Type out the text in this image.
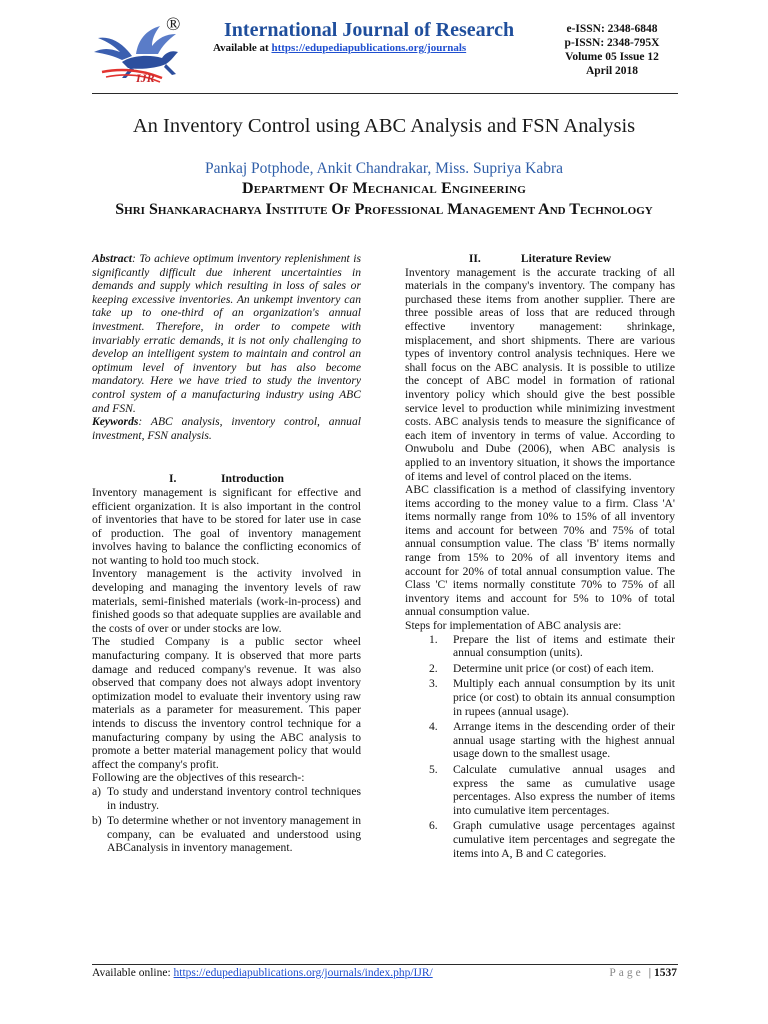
IJR
® International Journal of Research
Available at https://edupediapublications.org/journals
e-ISSN: 2348-6848
p-ISSN: 2348-795X
Volume 05 Issue 12
April 2018
An Inventory Control using ABC Analysis and FSN Analysis
Pankaj Potphode, Ankit Chandrakar, Miss. Supriya Kabra
Department Of Mechanical Engineering
Shri Shankaracharya Institute Of Professional Management And Technology

Abstract: To achieve optimum inventory replenishment is significantly difficult due inherent uncertainties in demands and supply which resulting in loss of sales or keeping excessive inventories. An unkempt inventory can take up to one-third of an organization's annual investment. Therefore, in order to compete with invariably erratic demands, it is not only challenging to develop an intelligent system to maintain and control an optimum level of inventory but has also become mandatory. Here we have tried to study the inventory control system of a manufacturing industry using ABC and FSN.

Keywords: ABC analysis, inventory control, annual investment, FSN analysis.

I.	Introduction

Inventory management is significant for effective and efficient organization. It is also important in the control of inventories that have to be stored for later use in case of production. The goal of inventory management involves having to balance the conflicting economics of not wanting to hold too much stock.

Inventory management is the activity involved in developing and managing the inventory levels of raw materials, semi-finished materials (work-in-process) and finished goods so that adequate supplies are available and the costs of over or under stocks are low.

The studied Company is a public sector wheel manufacturing company. It is observed that more parts damage and reduced company's revenue. It was also observed that company does not always adopt inventory optimization model to evaluate their inventory using raw materials as a parameter for measurement. This paper intends to discuss the inventory control technique for a manufacturing company by using the ABC analysis to promote a better material management policy that would affect the company's profit.

Following are the objectives of this research-:

a) To study and understand inventory control techniques in industry.
b) To determine whether or not inventory management in company, can be evaluated and understood using ABCanalysis in inventory management.

II.	Literature Review

Inventory management is the accurate tracking of all materials in the company's inventory. The company has purchased these items from another supplier. There are three possible areas of loss that are reduced through effective inventory management: shrinkage, misplacement, and short shipments. There are various types of inventory control analysis techniques. Here we shall focus on the ABC analysis. It is possible to utilize the concept of ABC model in formation of rational inventory policy which should give the best possible service level to production while minimizing investment costs. ABC analysis tends to measure the significance of each item of inventory in terms of value. According to Onwubolu and Dube (2006), when ABC analysis is applied to an inventory situation, it shows the importance of items and level of control placed on the items.

ABC classification is a method of classifying inventory items according to the money value to a firm. Class 'A' items normally range from 10% to 15% of all inventory items and account for between 70% and 75% of total annual consumption value. The class 'B' items normally range from 15% to 20% of all inventory items and account for 20% of total annual consumption value. The Class 'C' items normally constitute 70% to 75% of all inventory items and account for 5% to 10% of total annual consumption value.

Steps for implementation of ABC analysis are:

1. Prepare the list of items and estimate their annual consumption (units).
2. Determine unit price (or cost) of each item.
3. Multiply each annual consumption by its unit price (or cost) to obtain its annual consumption in rupees (annual usage).
4. Arrange items in the descending order of their annual usage starting with the highest annual usage down to the smallest usage.
5. Calculate cumulative annual usages and express the same as cumulative usage percentages. Also express the number of items into cumulative item percentages.
6. Graph cumulative usage percentages against cumulative item percentages and segregate the items into A, B and C categories.
Available online: https://edupediapublications.org/journals/index.php/IJR/	Page | 1537
